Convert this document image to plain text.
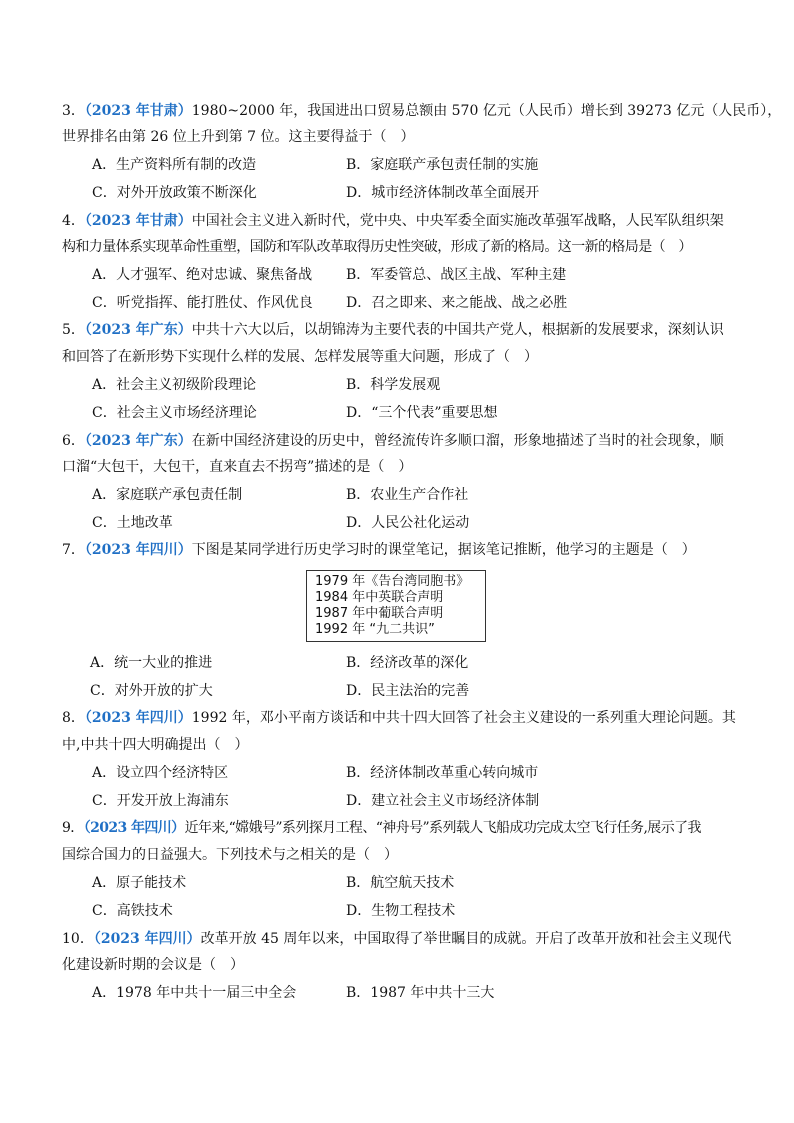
3．（2023 年甘肃）1980~2000 年，我国进出口贸易总额由 570 亿元（人民币）增长到 39273 亿元（人民币），
世界排名由第 26 位上升到第 7 位。这主要得益于（　）
A．生产资料所有制的改造	B．家庭联产承包责任制的实施
C．对外开放政策不断深化	D．城市经济体制改革全面展开
4．（2023 年甘肃）中国社会主义进入新时代，党中央、中央军委全面实施改革强军战略，人民军队组织架
构和力量体系实现革命性重塑，国防和军队改革取得历史性突破，形成了新的格局。这一新的格局是（　）
A．人才强军、绝对忠诚、聚焦备战 B．军委管总、战区主战、军种主建
C．听党指挥、能打胜仗、作风优良 D．召之即来、来之能战、战之必胜
5．（2023 年广东）中共十六大以后，以胡锦涛为主要代表的中国共产党人，根据新的发展要求，深刻认识
和回答了在新形势下实现什么样的发展、怎样发展等重大问题，形成了（　）
A．社会主义初级阶段理论	B．科学发展观
C．社会主义市场经济理论	D．“三个代表”重要思想
6．（2023 年广东）在新中国经济建设的历史中，曾经流传许多顺口溜，形象地描述了当时的社会现象，顺
口溜“大包干，大包干，直来直去不拐弯”描述的是（　）
A．家庭联产承包责任制	B．农业生产合作社
C．土地改革	D．人民公社化运动
7．（2023 年四川）下图是某同学进行历史学习时的课堂笔记，据该笔记推断，他学习的主题是（　）
1979 年《告台湾同胞书》
1984 年中英联合声明
1987 年中葡联合声明
1992 年 “九二共识”
A．统一大业的推进	B．经济改革的深化
C．对外开放的扩大	D．民主法治的完善
8．（2023 年四川）1992 年，邓小平南方谈话和中共十四大回答了社会主义建设的一系列重大理论问题。其
中,中共十四大明确提出（　）
A．设立四个经济特区	B．经济体制改革重心转向城市
C．开发开放上海浦东	D．建立社会主义市场经济体制
9．（2023 年四川）近年来,“嫦娥号”系列探月工程、“神舟号”系列载人飞船成功完成太空飞行任务,展示了我
国综合国力的日益强大。下列技术与之相关的是（　）
A．原子能技术	B．航空航天技术
C．高铁技术	D．生物工程技术
10．（2023 年四川）改革开放 45 周年以来，中国取得了举世瞩目的成就。开启了改革开放和社会主义现代
化建设新时期的会议是（　）
A．1978 年中共十一届三中全会	B．1987 年中共十三大
